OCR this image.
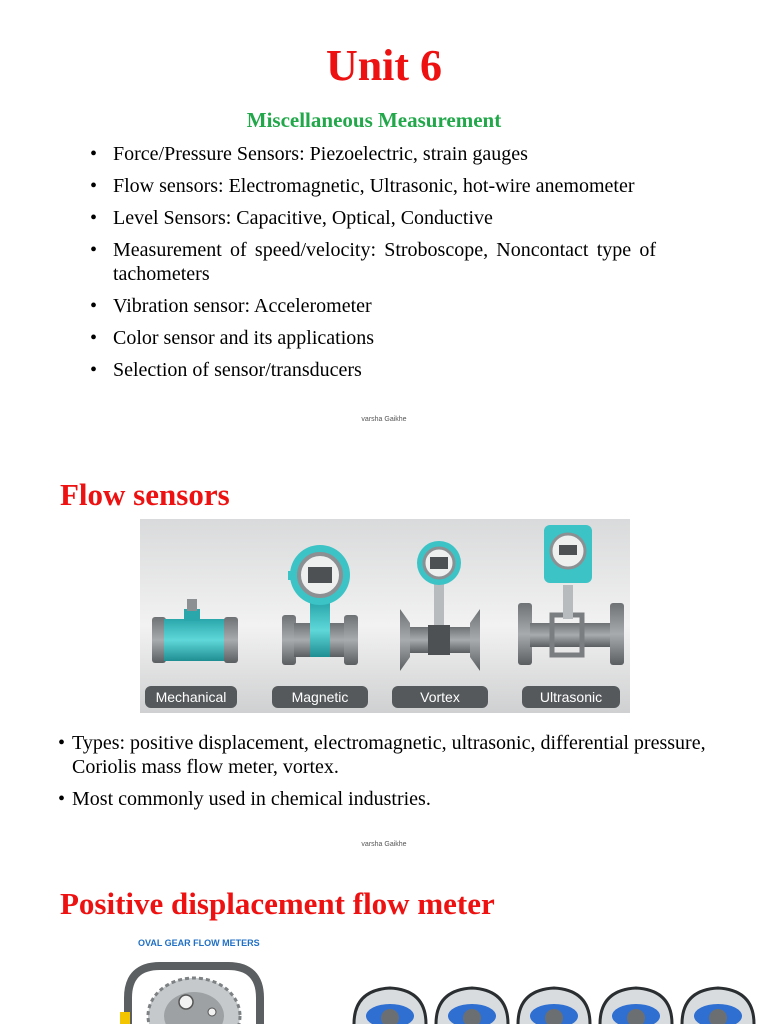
Unit 6
Miscellaneous Measurement
• Force/Pressure Sensors: Piezoelectric, strain gauges
• Flow sensors: Electromagnetic, Ultrasonic, hot-wire anemometer
• Level Sensors: Capacitive, Optical, Conductive
• Measurement of speed/velocity: Stroboscope, Noncontact type of tachometers
• Vibration sensor: Accelerometer
• Color sensor and its applications
• Selection of sensor/transducers
varsha Gaikhe
Flow sensors
Mechanical	Magnetic	Vortex	Ultrasonic
• Types: positive displacement, electromagnetic, ultrasonic, differential pressure, Coriolis mass flow meter, vortex.
• Most commonly used in chemical industries.
varsha Gaikhe
Positive displacement flow meter
OVAL GEAR FLOW METERS
